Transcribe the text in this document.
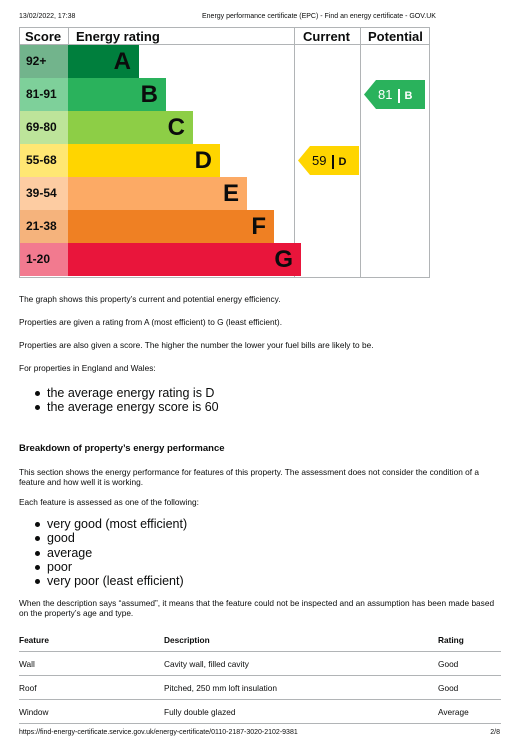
13/02/2022, 17:38	Energy performance certificate (EPC) - Find an energy certificate - GOV.UK
Score Energy rating	Current Potential
92+	A
81-91	B
69-80	C
55-68	D
39-54	E
21-38	F
1-20	G
59 D
81 B

The graph shows this property’s current and potential energy efficiency.

Properties are given a rating from A (most efficient) to G (least efficient).

Properties are also given a score. The higher the number the lower your fuel bills are likely to be.

For properties in England and Wales:

the average energy rating is D
the average energy score is 60
Breakdown of property’s energy performance

This section shows the energy performance for features of this property. The assessment does not consider the condition of a feature and how well it is working.

Each feature is assessed as one of the following:

very good (most efficient)
good
average
poor
very poor (least efficient)

When the description says “assumed”, it means that the feature could not be inspected and an assumption has been made based on the property’s age and type.

Feature	Description	Rating
Wall	Cavity wall, filled cavity	Good
Roof	Pitched, 250 mm loft insulation	Good
Window	Fully double glazed	Average
https://find-energy-certificate.service.gov.uk/energy-certificate/0110-2187-3020-2102-9381	2/8
